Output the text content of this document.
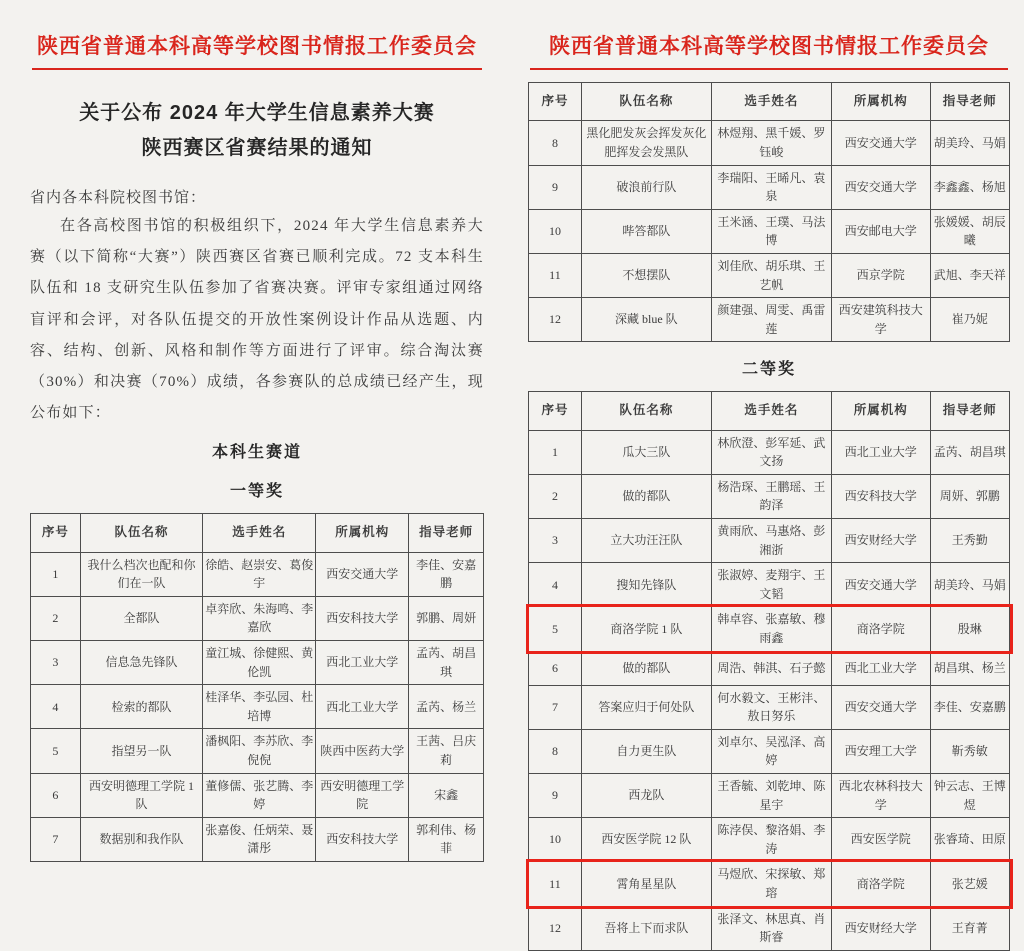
陕西省普通本科高等学校图书情报工作委员会
关于公布 2024 年大学生信息素养大赛
陕西赛区省赛结果的通知
省内各本科院校图书馆：
在各高校图书馆的积极组织下，2024 年大学生信息素养大赛（以下简称“大赛”）陕西赛区省赛已顺利完成。72 支本科生队伍和 18 支研究生队伍参加了省赛决赛。评审专家组通过网络盲评和会评，对各队伍提交的开放性案例设计作品从选题、内容、结构、创新、风格和制作等方面进行了评审。综合淘汰赛（30%）和决赛（70%）成绩，各参赛队的总成绩已经产生，现公布如下：
本科生赛道
一等奖
序号	队伍名称	选手姓名	所属机构	指导老师
1	我什么档次也配和你们在一队	徐皓、赵崇安、葛俊宇	西安交通大学	李佳、安嘉鹏
2	全都队	卓弈欣、朱海鸣、李嘉欣	西安科技大学	郭鹏、周妍
3	信息急先锋队	童江城、徐健熙、黄伦凯	西北工业大学	孟芮、胡昌琪
4	检索的都队	桂泽华、李弘园、杜培博	西北工业大学	孟芮、杨兰
5	指望另一队	潘枫阳、李苏欣、李倪倪	陕西中医药大学	王茜、吕庆莉
6	西安明德理工学院 1 队	董修儒、张艺腾、李婷	西安明德理工学院	宋鑫
7	数据别和我作队	张嘉俊、任炳荣、聂潇彤	西安科技大学	郭利伟、杨菲
陕西省普通本科高等学校图书情报工作委员会
序号	队伍名称	选手姓名	所属机构	指导老师
8	黑化肥发灰会挥发灰化肥挥发会发黑队	林煜翔、黑千媛、罗钰峻	西安交通大学	胡美玲、马娟
9	破浪前行队	李瑞阳、王晞凡、袁泉	西安交通大学	李鑫鑫、杨旭
10	哔答都队	王米涵、王璞、马法博	西安邮电大学	张媛媛、胡辰曦
11	不想摆队	刘佳欣、胡乐琪、王艺帆	西京学院	武旭、李天祥
12	深藏 blue 队	颜建强、周雯、禹雷莲	西安建筑科技大学	崔乃妮
二等奖
序号	队伍名称	选手姓名	所属机构	指导老师
1	瓜大三队	林欣澄、彭军延、武文扬	西北工业大学	孟芮、胡昌琪
2	做的都队	杨浩琛、王鹏瑶、王韵泽	西安科技大学	周妍、郭鹏
3	立大功汪汪队	黄雨欣、马惠烙、彭湘浙	西安财经大学	王秀勤
4	搜知先锋队	张淑婷、麦翔宇、王文韬	西安交通大学	胡美玲、马娟
5	商洛学院 1 队	韩卓容、张嘉敏、穆雨鑫	商洛学院	殷琳
6	做的都队	周浩、韩淇、石子懿	西北工业大学	胡昌琪、杨兰
7	答案应归于何处队	何水毅文、王彬沣、敖日努乐	西安交通大学	李佳、安嘉鹏
8	自力更生队	刘卓尔、吴泓泽、高婷	西安理工大学	靳秀敏
9	西龙队	王香毓、刘乾坤、陈星宇	西北农林科技大学	钟云志、王博煜
10	西安医学院 12 队	陈浡俣、黎洛娟、李涛	西安医学院	张睿琦、田原
11	霄角星星队	马煜欣、宋探敏、郑瑢	商洛学院	张艺媛
12	吾将上下而求队	张泽文、林思真、肖斯睿	西安财经大学	王育菁
